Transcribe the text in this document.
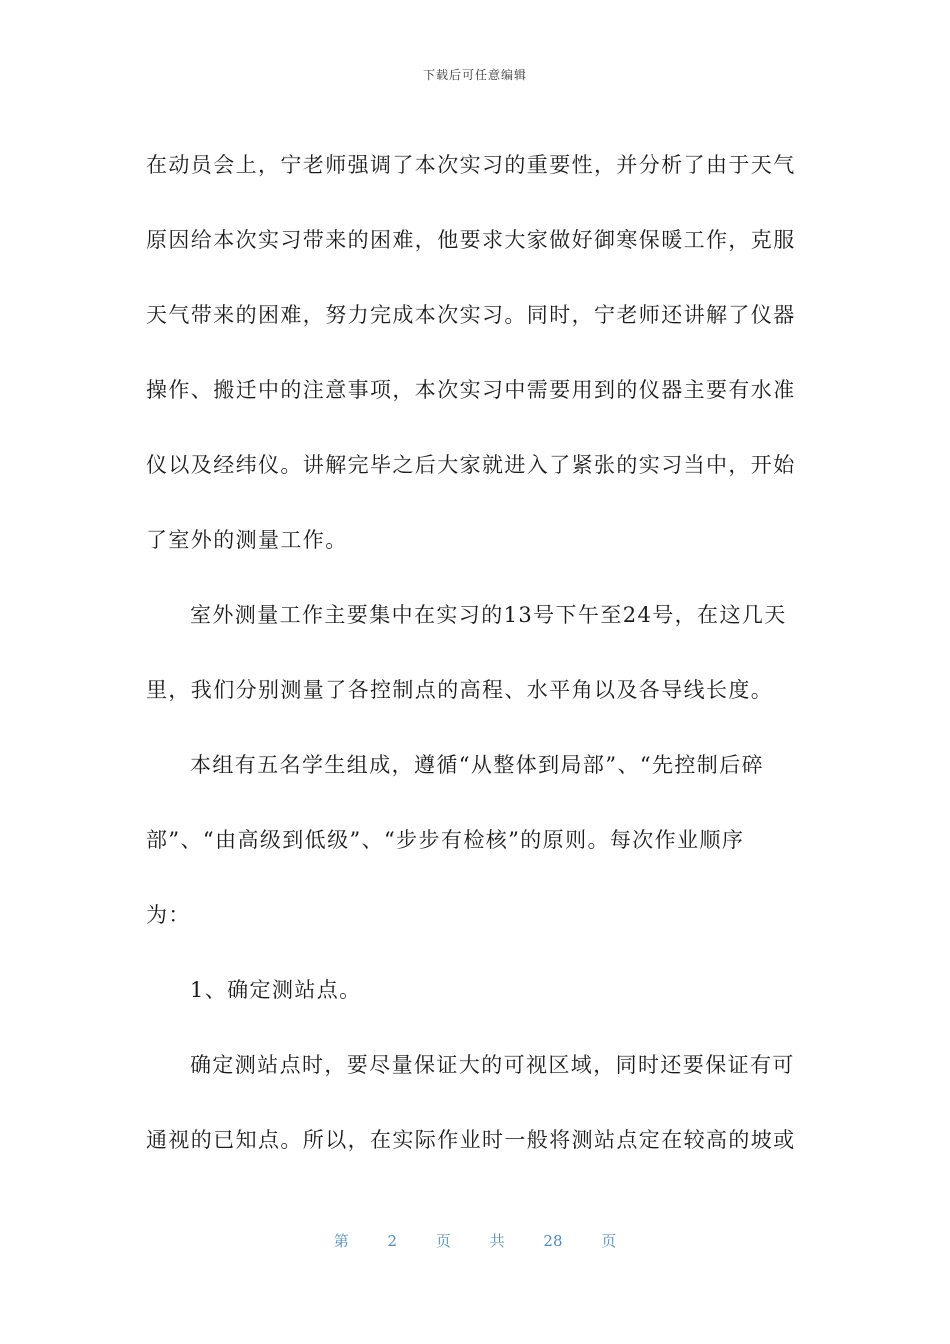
下载后可任意编辑

在动员会上，宁老师强调了本次实习的重要性，并分析了由于天气
原因给本次实习带来的困难，他要求大家做好御寒保暖工作，克服
天气带来的困难，努力完成本次实习。同时，宁老师还讲解了仪器
操作、搬迁中的注意事项，本次实习中需要用到的仪器主要有水准
仪以及经纬仪。讲解完毕之后大家就进入了紧张的实习当中，开始
了室外的测量工作。

室外测量工作主要集中在实习的13号下午至24号，在这几天
里，我们分别测量了各控制点的高程、水平角以及各导线长度。

本组有五名学生组成，遵循“从整体到局部”、“先控制后碎
部”、“由高级到低级”、“步步有检核”的原则。每次作业顺序
为：

1、确定测站点。

确定测站点时，要尽量保证大的可视区域，同时还要保证有可
通视的已知点。所以，在实际作业时一般将测站点定在较高的坡或

第	2	页	共	28	页
